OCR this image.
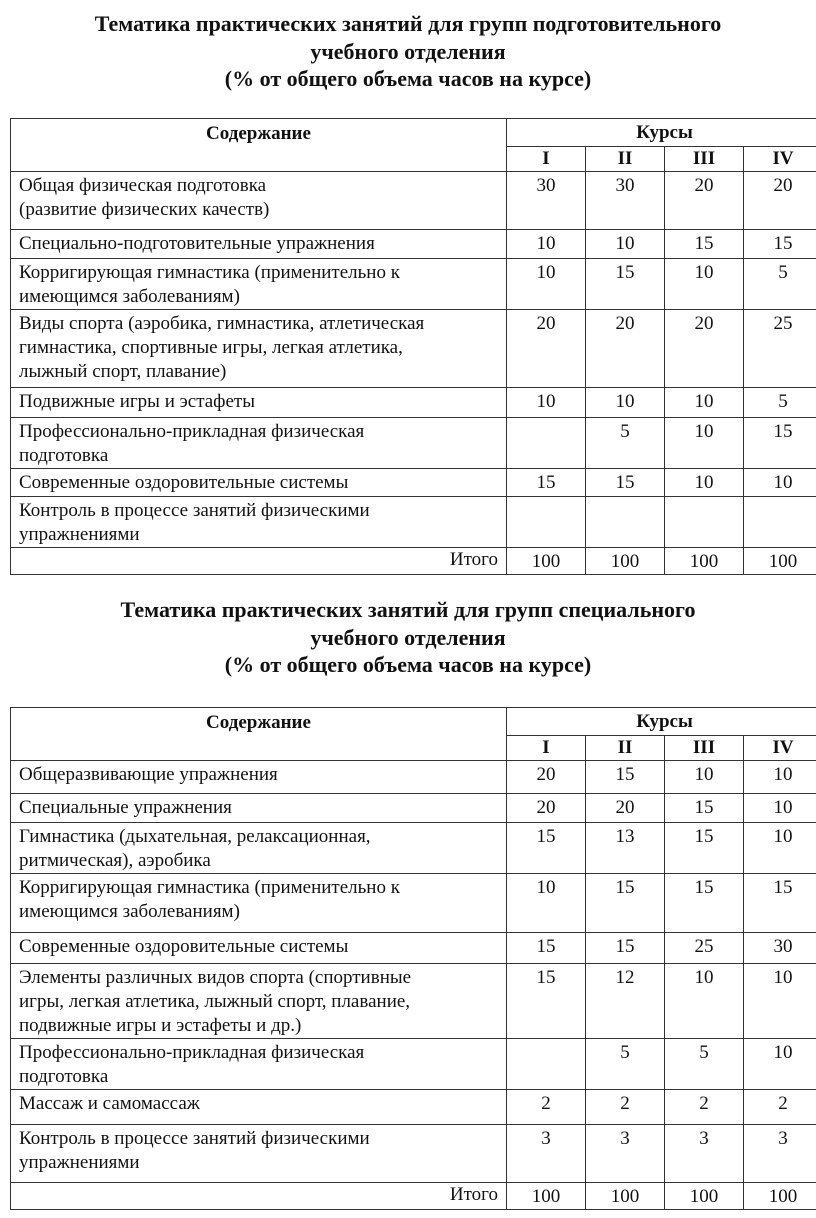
Тематика практических занятий для групп подготовительного
учебного отделения
(% от общего объема часов на курсе)
Содержание	Курсы			
	I	II	III	IV

Общая физическая подготовка
(развитие физических качеств)	30	30	20	20

Специально-подготовительные упражнения	10	10	15	15

Корригирующая гимнастика (применительно к
имеющимся заболеваниям)	10	15	10	5

Виды спорта (аэробика, гимнастика, атлетическая
гимнастика, спортивные игры, легкая атлетика,
лыжный спорт, плавание)	20	20	20	25

Подвижные игры и эстафеты	10	10	10	5

Профессионально-прикладная физическая
подготовка		5	10	15

Современные оздоровительные системы	15	15	10	10

Контроль в процессе занятий физическими
упражнениями				

Итого	100	100	100	100
Тематика практических занятий для групп специального
учебного отделения
(% от общего объема часов на курсе)
Содержание	Курсы			
	I	II	III	IV

Общеразвивающие упражнения	20	15	10	10

Специальные упражнения	20	20	15	10

Гимнастика (дыхательная, релаксационная,
ритмическая), аэробика	15	13	15	10

Корригирующая гимнастика (применительно к
имеющимся заболеваниям)	10	15	15	15

Современные оздоровительные системы	15	15	25	30

Элементы различных видов спорта (спортивные
игры, легкая атлетика, лыжный спорт, плавание,
подвижные игры и эстафеты и др.)	15	12	10	10

Профессионально-прикладная физическая
подготовка		5	5	10

Массаж и самомассаж	2	2	2	2

Контроль в процессе занятий физическими
упражнениями	3	3	3	3
Итого	100	100	100	100
